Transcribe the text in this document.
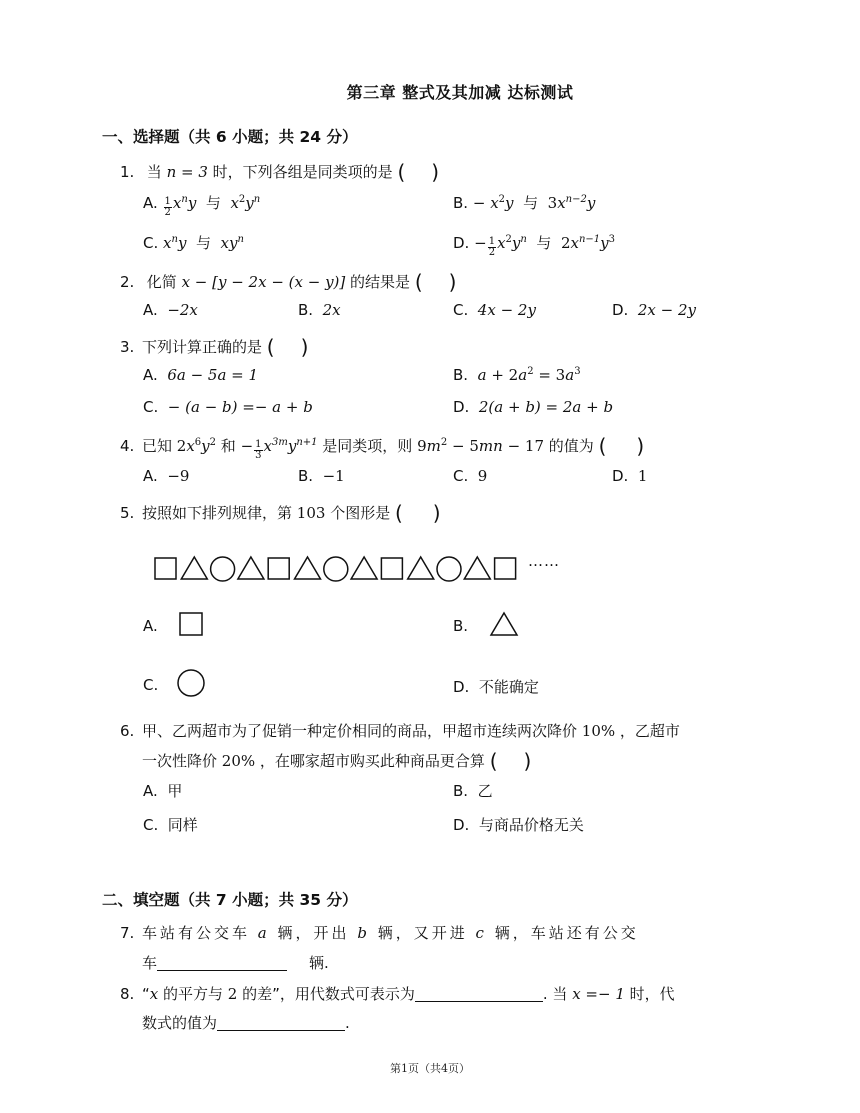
第三章 整式及其加减 达标测试
一、选择题（共 6 小题；共 24 分）
1. 当 n = 3 时，下列各组是同类项的是 ( )
A. $\frac{1}{2} x^ny$ 与 $x^2y^n$	B. − $x^2y$ 与 $3x^{n-2}y$
C. $x^ny$ 与 $xy^n$	D. − $\frac{1}{2} x^2y^n$ 与 $2x^{n-1}y^3$
2. 化简 x − [y − 2x − (x − y)] 的结果是 ( )
A. −2x	B. 2x	C. 4x − 2y	D. 2x − 2y
3. 下列计算正确的是 ( )
A. 6a − 5a = 1	B. $a + 2a^2 = 3a^3$
C. − (a − b) =− a + b	D. 2(a + b) = 2a + b
4. 已知 $2x^6y^2$ 和 − $\frac{1}{3} x^{3m}y^{n+1}$ 是同类项，则 $9m^2 - 5mn - 17$ 的值为 ( )
A. −9	B. −1	C. 9	D. 1
5. 按照如下排列规律，第 103 个图形是 ( )
……
A.	B.
C.	D. 不能确定
6. 甲、乙两超市为了促销一种定价相同的商品，甲超市连续两次降价 10% ，乙超市
一次性降价 20% ，在哪家超市购买此种商品更合算 ( )
A. 甲	B. 乙
C. 同样	D. 与商品价格无关
二、填空题（共 7 小题；共 35 分）
7. 车站有公交车 a 辆，开出 b 辆，又开进 c 辆，车站还有公交
车	辆.
8. “x 的平方与 2 的差”，用代数式可表示为	. 当 x =− 1 时，代
数式的值为	.
第1页（共4页）
